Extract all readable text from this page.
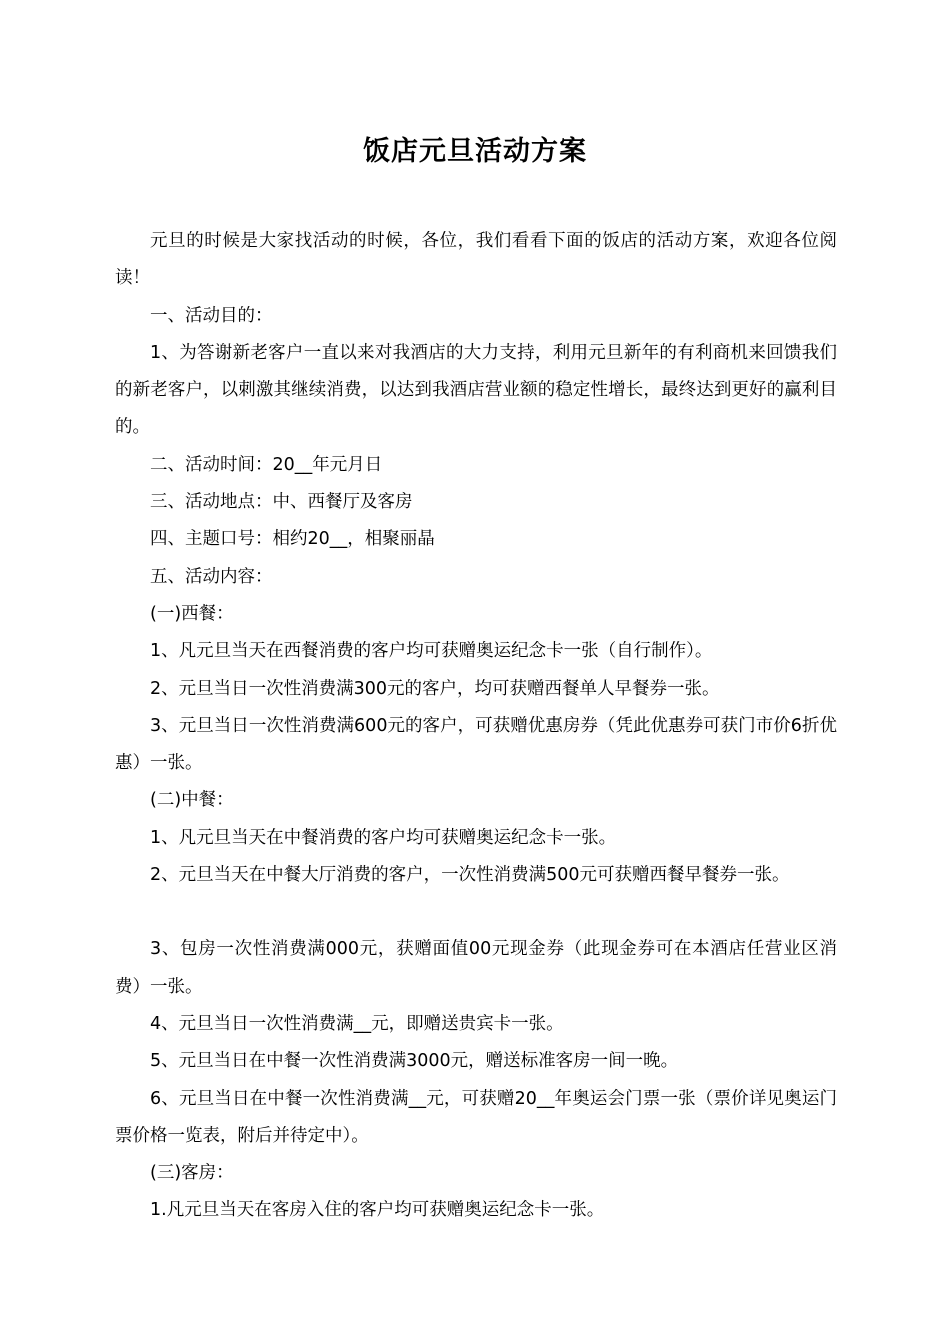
饭店元旦活动方案

元旦的时候是大家找活动的时候，各位，我们看看下面的饭店的活动方案，欢迎各位阅读！

一、活动目的：

1、为答谢新老客户一直以来对我酒店的大力支持，利用元旦新年的有利商机来回馈我们的新老客户，以刺激其继续消费，以达到我酒店营业额的稳定性增长，最终达到更好的赢利目的。

二、活动时间：20__年元月日

三、活动地点：中、西餐厅及客房

四、主题口号：相约20__，相聚丽晶

五、活动内容：

(一)西餐：

1、凡元旦当天在西餐消费的客户均可获赠奥运纪念卡一张（自行制作）。

2、元旦当日一次性消费满300元的客户，均可获赠西餐单人早餐券一张。

3、元旦当日一次性消费满600元的客户，可获赠优惠房券（凭此优惠券可获门市价6折优惠）一张。

(二)中餐：

1、凡元旦当天在中餐消费的客户均可获赠奥运纪念卡一张。

2、元旦当天在中餐大厅消费的客户，一次性消费满500元可获赠西餐早餐券一张。

3、包房一次性消费满000元，获赠面值00元现金券（此现金券可在本酒店任营业区消费）一张。

4、元旦当日一次性消费满__元，即赠送贵宾卡一张。

5、元旦当日在中餐一次性消费满3000元，赠送标准客房一间一晚。

6、元旦当日在中餐一次性消费满__元，可获赠20__年奥运会门票一张（票价详见奥运门票价格一览表，附后并待定中）。

(三)客房：

1.凡元旦当天在客房入住的客户均可获赠奥运纪念卡一张。
